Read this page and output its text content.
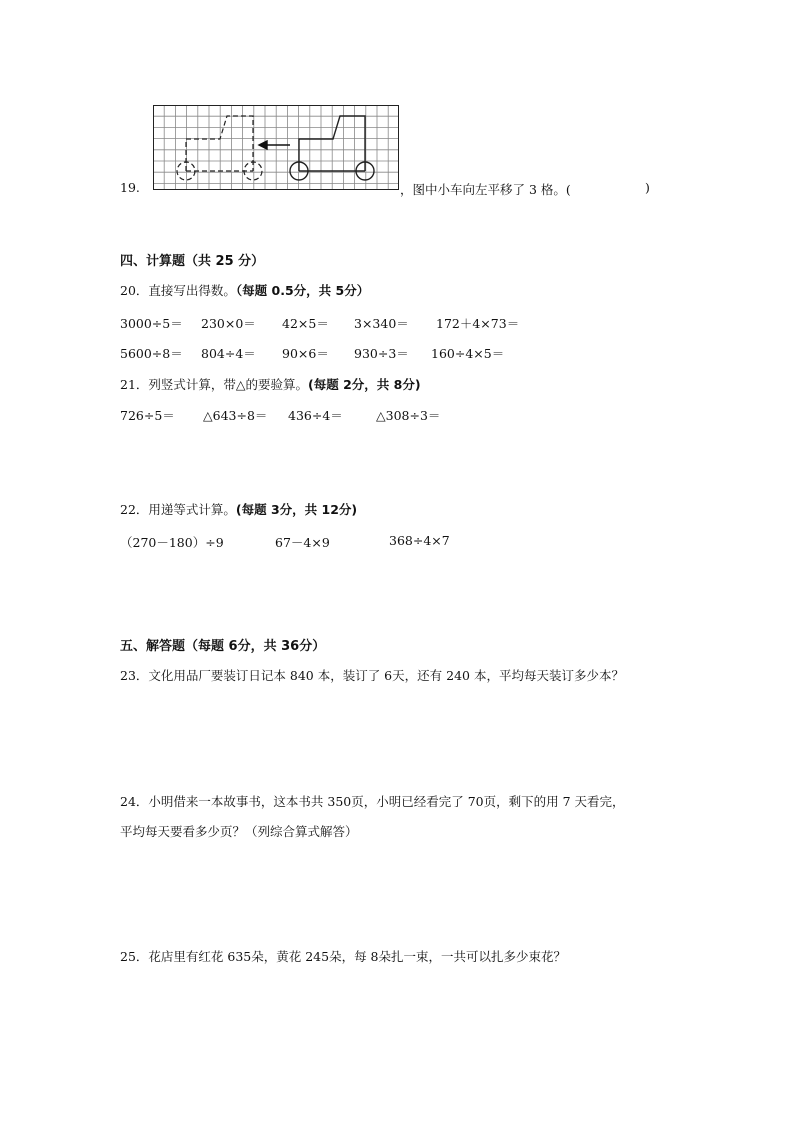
19.	，图中小车向左平移了 3 格。(	)
四、计算题（共 25 分）
20．直接写出得数。（每题 0.5分，共 5分）
3000÷5＝ 230×0＝ 42×5＝ 3×340＝ 172＋4×73＝
5600÷8＝ 804÷4＝ 90×6＝ 930÷3＝ 160÷4×5＝
21．列竖式计算，带△的要验算。(每题 2分，共 8分)
726÷5＝ △643÷8＝ 436÷4＝	△308÷3＝
22．用递等式计算。(每题 3分，共 12分)
（270－180）÷9	67－4×9	368÷4×7
五、解答题（每题 6分，共 36分）
23．文化用品厂要装订日记本 840 本，装订了 6天，还有 240 本，平均每天装订多少本？
24．小明借来一本故事书，这本书共 350页，小明已经看完了 70页，剩下的用 7 天看完，
平均每天要看多少页？（列综合算式解答）
25．花店里有红花 635朵，黄花 245朵，每 8朵扎一束，一共可以扎多少束花？
